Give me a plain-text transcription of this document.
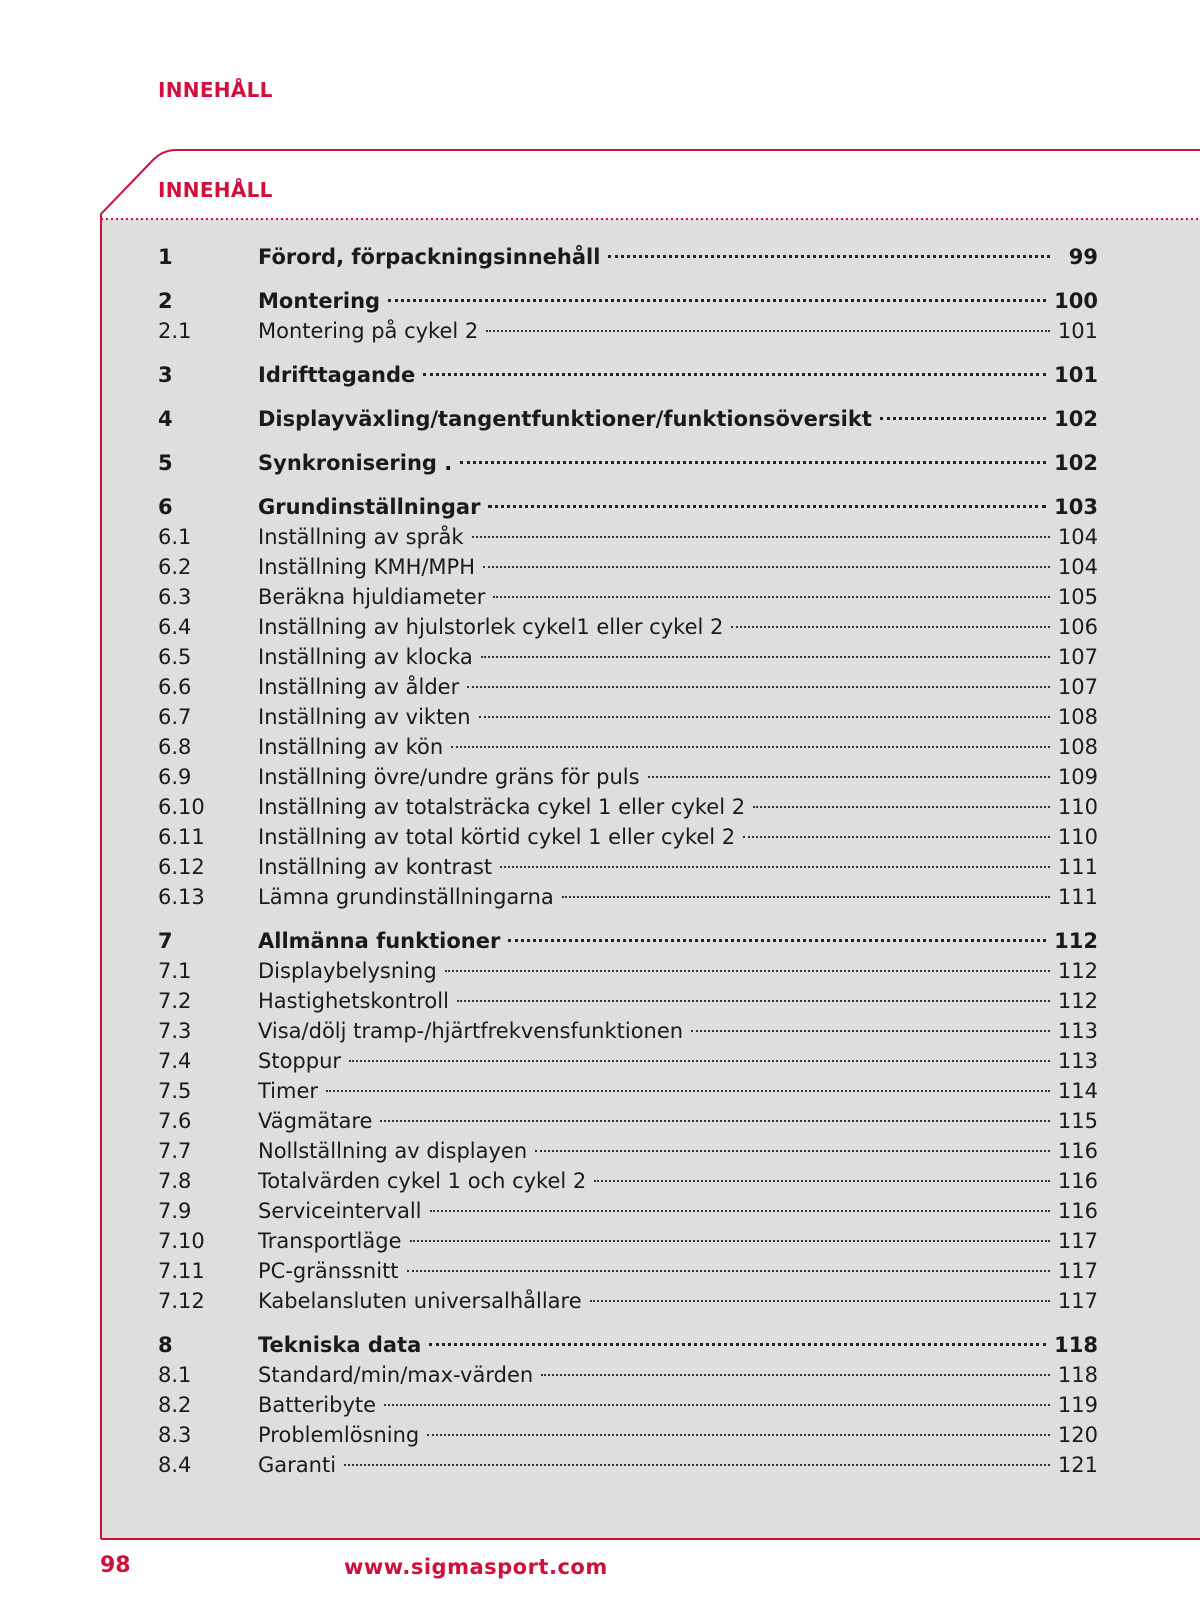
INNEHÅLL
INNEHÅLL
1	Förord, förpackningsinnehåll	99
2	Montering	100
2.1	Montering på cykel 2	101
3	Idrifttagande	101
4	Displayväxling/tangentfunktioner/funktionsöversikt	102
5	Synkronisering .	102
6	Grundinställningar	103
6.1	Inställning av språk	104
6.2	Inställning KMH/MPH	104
6.3	Beräkna hjuldiameter	105
6.4	Inställning av hjulstorlek cykel1 eller cykel 2	106
6.5	Inställning av klocka	107
6.6	Inställning av ålder	107
6.7	Inställning av vikten	108
6.8	Inställning av kön	108
6.9	Inställning övre/undre gräns för puls	109
6.10	Inställning av totalsträcka cykel 1 eller cykel 2	110
6.11	Inställning av total körtid cykel 1 eller cykel 2	110
6.12	Inställning av kontrast	111
6.13	Lämna grundinställningarna	111
7	Allmänna funktioner	112
7.1	Displaybelysning	112
7.2	Hastighetskontroll	112
7.3	Visa/dölj tramp-/hjärtfrekvensfunktionen	113
7.4	Stoppur	113
7.5	Timer	114
7.6	Vägmätare	115
7.7	Nollställning av displayen	116
7.8	Totalvärden cykel 1 och cykel 2	116
7.9	Serviceintervall	116
7.10	Transportläge	117
7.11	PC-gränssnitt	117
7.12	Kabelansluten universalhållare	117
8	Tekniska data	118
8.1	Standard/min/max-värden	118
8.2	Batteribyte	119
8.3	Problemlösning	120
8.4	Garanti	121
98	www.sigmasport.com
